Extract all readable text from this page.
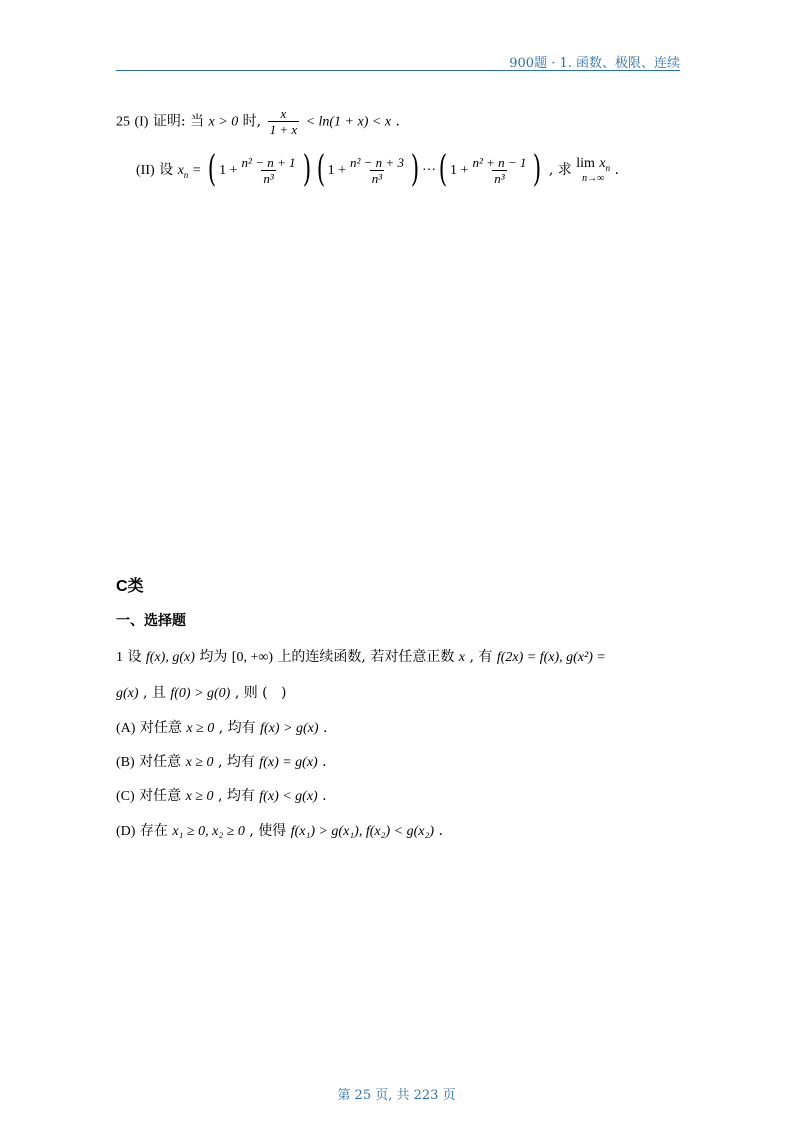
900题 · 1. 函数、极限、连续
25 (I) 证明: 当 x > 0 时, $\frac{x}{1 + x} < \ln(1 + x) < x$ .
(II) 设 $x_n$ = ( $1 + \frac{\text{n² − n + 1}}{\text{n³}}$ ) ( $1 + \frac{\text{n² − n + 3}}{\text{n³}}$ ) ···( $1 + \frac{\text{n² + n − 1}}{\text{n³}}$ ) , 求 $\lim x_n$
n→∞
.
C类
一、选择题
1 设 f(x), g(x) 均为 [0, +∞) 上的连续函数, 若对任意正数 x , 有 f(2x) = f(x), g(x²) =
g(x) , 且 f(0) > g(0) , 则 ( )
(A) 对任意 x ≥ 0 , 均有 f(x) > g(x) .
(B) 对任意 x ≥ 0 , 均有 f(x) = g(x) .
(C) 对任意 x ≥ 0 , 均有 f(x) < g(x) .
(D) 存在 x₁ ≥ 0, x₂ ≥ 0 , 使得 f(x₁) > g(x₁), f(x₂) < g(x₂) .
第 25 页, 共 223 页
